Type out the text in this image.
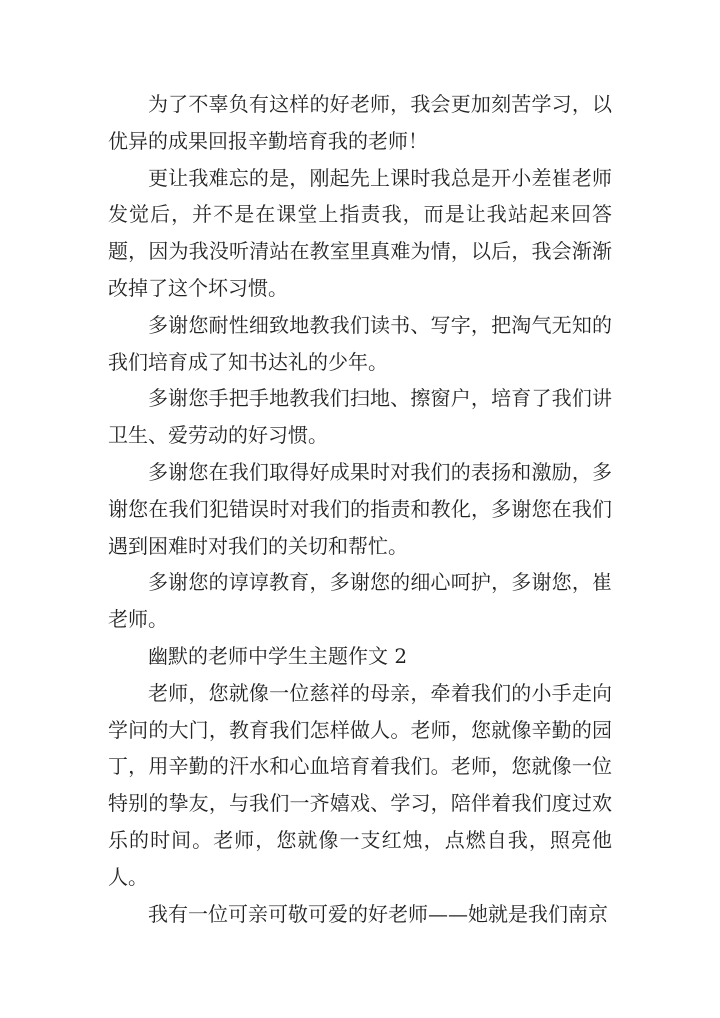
为了不辜负有这样的好老师，我会更加刻苦学习，以优异的成果回报辛勤培育我的老师！

更让我难忘的是，刚起先上课时我总是开小差崔老师发觉后，并不是在课堂上指责我，而是让我站起来回答题，因为我没听清站在教室里真难为情，以后，我会渐渐改掉了这个坏习惯。

多谢您耐性细致地教我们读书、写字，把淘气无知的我们培育成了知书达礼的少年。

多谢您手把手地教我们扫地、擦窗户，培育了我们讲卫生、爱劳动的好习惯。

多谢您在我们取得好成果时对我们的表扬和激励，多谢您在我们犯错误时对我们的指责和教化，多谢您在我们遇到困难时对我们的关切和帮忙。

多谢您的谆谆教育，多谢您的细心呵护，多谢您，崔老师。

幽默的老师中学生主题作文 2

老师，您就像一位慈祥的母亲，牵着我们的小手走向学问的大门，教育我们怎样做人。老师，您就像辛勤的园丁，用辛勤的汗水和心血培育着我们。老师，您就像一位特别的挚友，与我们一齐嬉戏、学习，陪伴着我们度过欢乐的时间。老师，您就像一支红烛，点燃自我，照亮他人。

我有一位可亲可敬可爱的好老师——她就是我们南京
